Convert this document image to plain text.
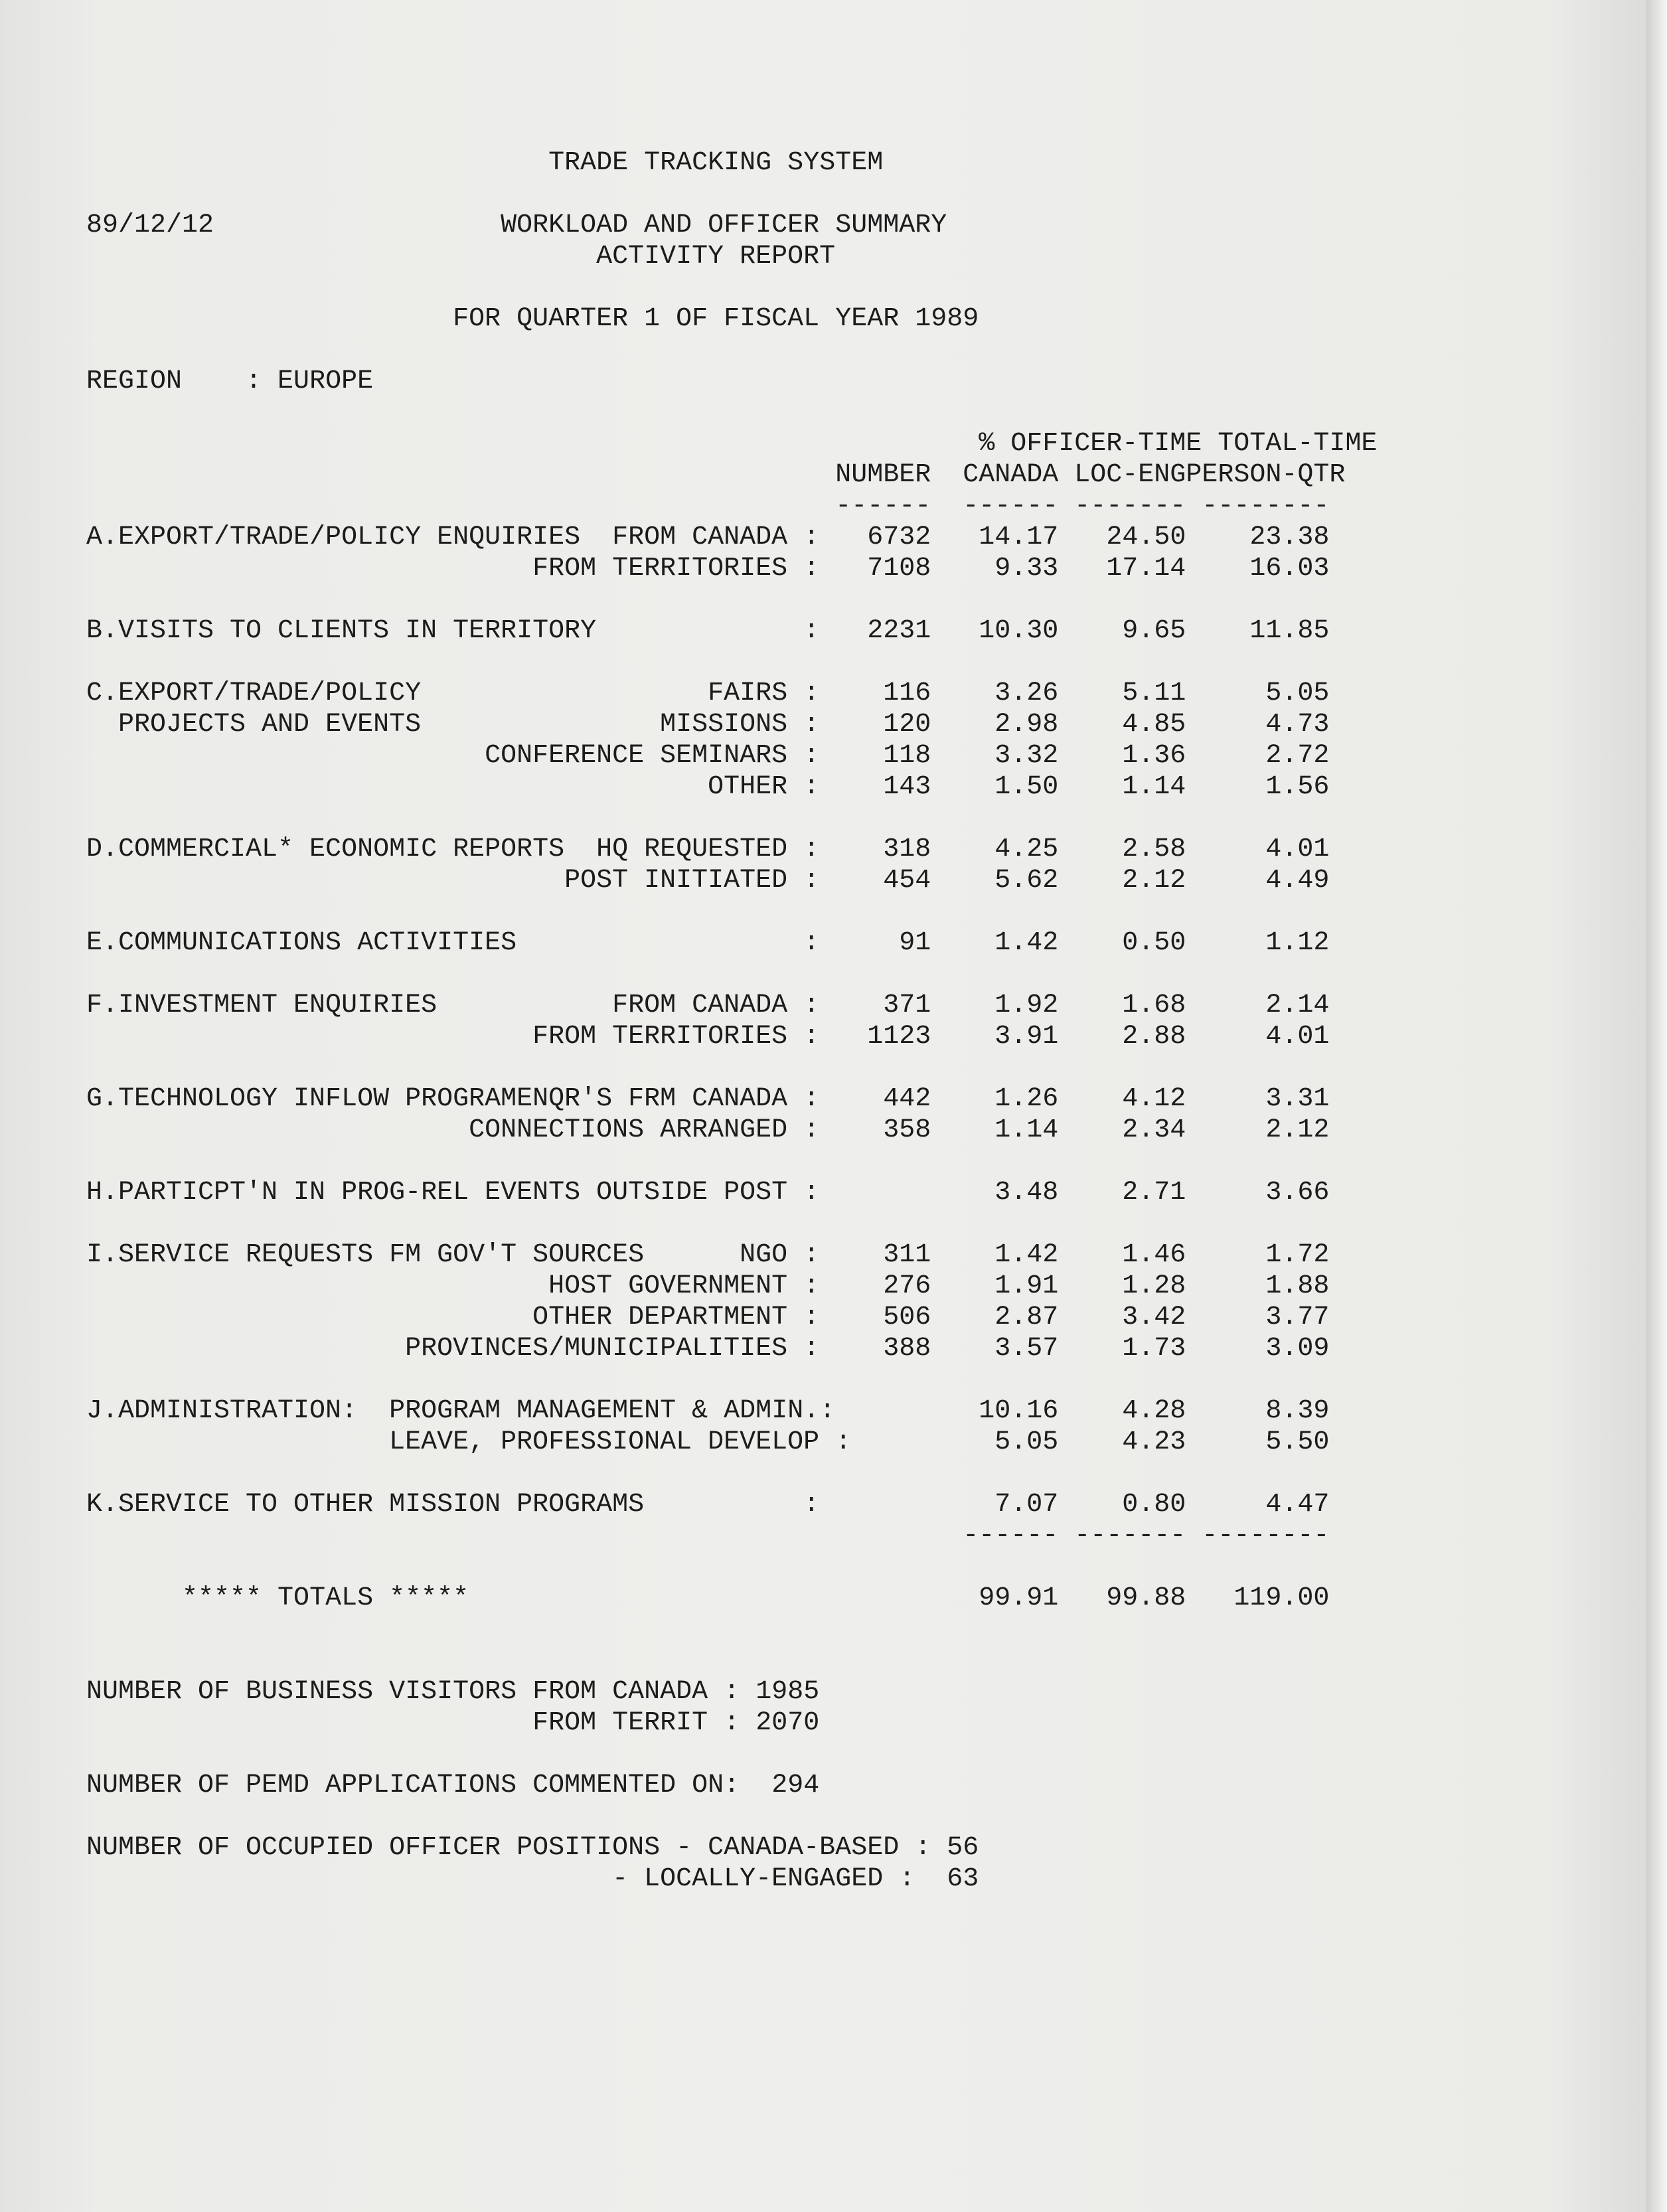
TRADE TRACKING SYSTEM
89/12/12	WORKLOAD AND OFFICER SUMMARY
ACTIVITY REPORT
FOR QUARTER 1 OF FISCAL YEAR 1989
REGION : EUROPE
% OFFICER-TIME TOTAL-TIME
NUMBER CANADA LOC-ENGPERSON-QTR
------ ------ ------- --------
A.EXPORT/TRADE/POLICY ENQUIRIES FROM CANADA : 6732 14.17 24.50 23.38
FROM TERRITORIES : 7108 9.33 17.14 16.03
B.VISITS TO CLIENTS IN TERRITORY	: 2231 10.30 9.65 11.85
C.EXPORT/TRADE/POLICY	FAIRS : 116 3.26 5.11	5.05
PROJECTS AND EVENTS	MISSIONS : 120 2.98 4.85	4.73
CONFERENCE SEMINARS : 118 3.32 1.36	2.72
OTHER : 143 1.50 1.14	1.56
D.COMMERCIAL* ECONOMIC REPORTS HQ REQUESTED : 318 4.25 2.58	4.01
POST INITIATED : 454 5.62 2.12	4.49
E.COMMUNICATIONS ACTIVITIES	:	91 1.42 0.50	1.12
F.INVESTMENT ENQUIRIES	FROM CANADA : 371 1.92 1.68	2.14
FROM TERRITORIES : 1123 3.91 2.88	4.01
G.TECHNOLOGY INFLOW PROGRAMENQR'S FRM CANADA : 442 1.26 4.12	3.31
CONNECTIONS ARRANGED : 358 1.14 2.34	2.12
H.PARTICPT'N IN PROG-REL EVENTS OUTSIDE POST :	3.48 2.71	3.66
I.SERVICE REQUESTS FM GOV'T SOURCES	NGO : 311 1.42 1.46	1.72
HOST GOVERNMENT : 276 1.91 1.28	1.88
OTHER DEPARTMENT : 506 2.87 3.42	3.77
PROVINCES/MUNICIPALITIES : 388 3.57 1.73	3.09
J.ADMINISTRATION: PROGRAM MANAGEMENT & ADMIN.:	10.16 4.28	8.39
LEAVE, PROFESSIONAL DEVELOP :	5.05 4.23	5.50
K.SERVICE TO OTHER MISSION PROGRAMS	:	7.07 0.80	4.47
------ ------- --------
***** TOTALS *****	99.91 99.88 119.00
NUMBER OF BUSINESS VISITORS FROM CANADA : 1985
FROM TERRIT : 2070
NUMBER OF PEMD APPLICATIONS COMMENTED ON: 294
NUMBER OF OCCUPIED OFFICER POSITIONS - CANADA-BASED : 56
- LOCALLY-ENGAGED : 63
